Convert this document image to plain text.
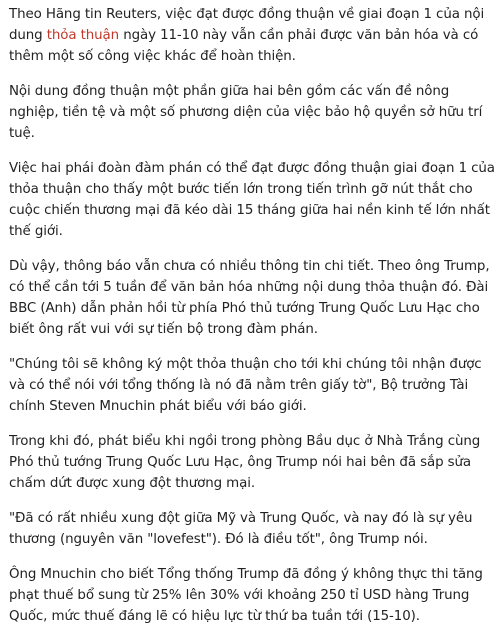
Theo Hãng tin Reuters, việc đạt được đồng thuận về giai đoạn 1 của nội dung thỏa thuận ngày 11-10 này vẫn cần phải được văn bản hóa và có thêm một số công việc khác để hoàn thiện.

Nội dung đồng thuận một phần giữa hai bên gồm các vấn đề nông nghiệp, tiền tệ và một số phương diện của việc bảo hộ quyền sở hữu trí tuệ.

Việc hai phái đoàn đàm phán có thể đạt được đồng thuận giai đoạn 1 của thỏa thuận cho thấy một bước tiến lớn trong tiến trình gỡ nút thắt cho cuộc chiến thương mại đã kéo dài 15 tháng giữa hai nền kinh tế lớn nhất thế giới.

Dù vậy, thông báo vẫn chưa có nhiều thông tin chi tiết. Theo ông Trump, có thể cần tới 5 tuần để văn bản hóa những nội dung thỏa thuận đó. Đài BBC (Anh) dẫn phản hồi từ phía Phó thủ tướng Trung Quốc Lưu Hạc cho biết ông rất vui với sự tiến bộ trong đàm phán.

"Chúng tôi sẽ không ký một thỏa thuận cho tới khi chúng tôi nhận được và có thể nói với tổng thống là nó đã nằm trên giấy tờ", Bộ trưởng Tài chính Steven Mnuchin phát biểu với báo giới.

Trong khi đó, phát biểu khi ngồi trong phòng Bầu dục ở Nhà Trắng cùng Phó thủ tướng Trung Quốc Lưu Hạc, ông Trump nói hai bên đã sắp sửa chấm dứt được xung đột thương mại.

"Đã có rất nhiều xung đột giữa Mỹ và Trung Quốc, và nay đó là sự yêu thương (nguyên văn "lovefest"). Đó là điều tốt", ông Trump nói.

Ông Mnuchin cho biết Tổng thống Trump đã đồng ý không thực thi tăng phạt thuế bổ sung từ 25% lên 30% với khoảng 250 tỉ USD hàng Trung Quốc, mức thuế đáng lẽ có hiệu lực từ thứ ba tuần tới (15-10).
